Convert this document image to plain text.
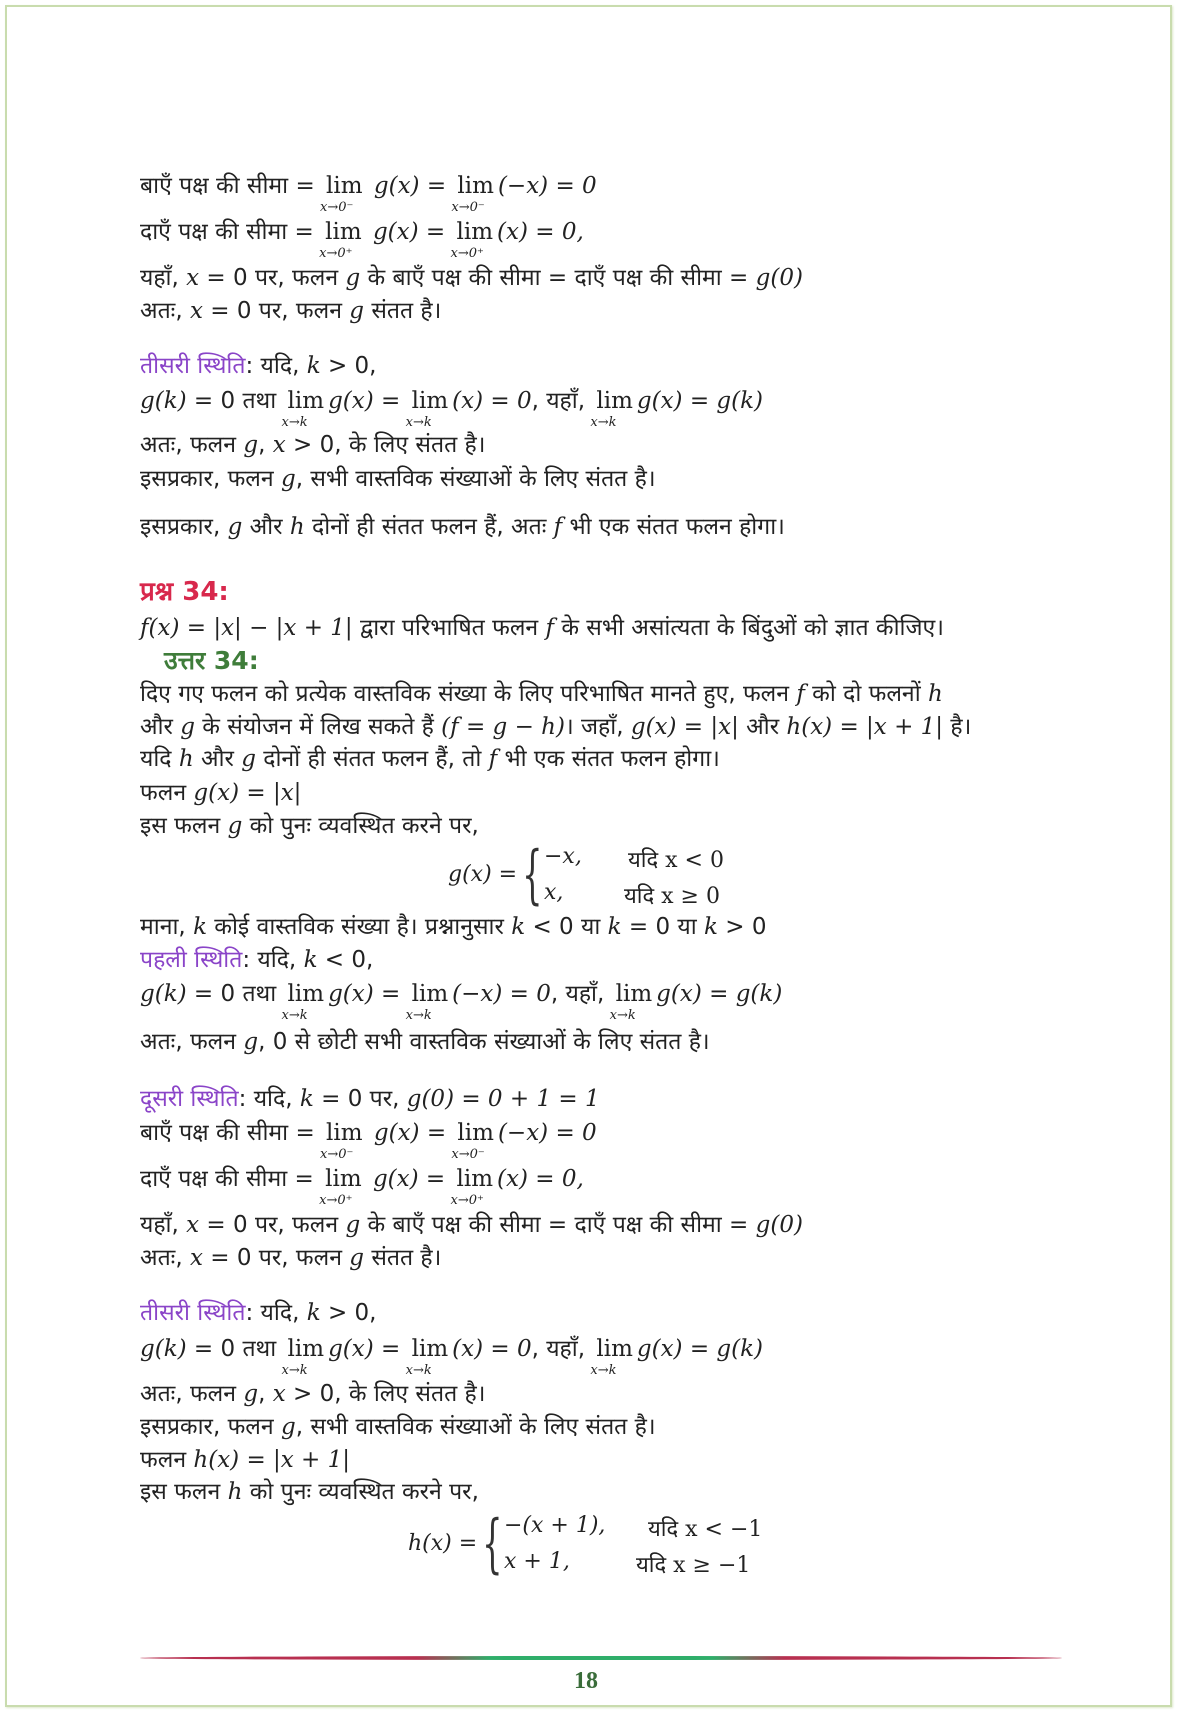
बाएँ पक्ष की सीमा = lim
x→0⁻
g(x) = lim
x→0⁻
(−x) = 0
दाएँ पक्ष की सीमा = lim
x→0⁺
g(x) = lim
x→0⁺
(x) = 0,
यहाँ, x = 0 पर, फलन g के बाएँ पक्ष की सीमा = दाएँ पक्ष की सीमा = g(0)
अतः, x = 0 पर, फलन g संतत है।
तीसरी स्थिति: यदि, k > 0,
g(k) = 0 तथा lim
x→k
g(x) = lim
x→k
(x) = 0, यहाँ, lim
x→k
g(x) = g(k)
अतः, फलन g, x > 0, के लिए संतत है।
इसप्रकार, फलन g, सभी वास्तविक संख्याओं के लिए संतत है।
इसप्रकार, g और h दोनों ही संतत फलन हैं, अतः f भी एक संतत फलन होगा।
प्रश्न 34:
f(x) = |x| − |x + 1| द्वारा परिभाषित फलन f के सभी असांत्यता के बिंदुओं को ज्ञात कीजिए।
उत्तर 34:
दिए गए फलन को प्रत्येक वास्तविक संख्या के लिए परिभाषित मानते हुए, फलन f को दो फलनों h
और g के संयोजन में लिख सकते हैं (f = g − h)। जहाँ, g(x) = |x| और h(x) = |x + 1| है।
यदि h और g दोनों ही संतत फलन हैं, तो f भी एक संतत फलन होगा।
फलन g(x) = |x|
इस फलन g को पुनः व्यवस्थित करने पर,
माना, k कोई वास्तविक संख्या है। प्रश्नानुसार k < 0 या k = 0 या k > 0
पहली स्थिति: यदि, k < 0,
g(k) = 0 तथा lim
x→k
g(x) = lim
x→k
(−x) = 0, यहाँ, lim
x→k
g(x) = g(k)
अतः, फलन g, 0 से छोटी सभी वास्तविक संख्याओं के लिए संतत है।
दूसरी स्थिति: यदि, k = 0 पर, g(0) = 0 + 1 = 1
बाएँ पक्ष की सीमा = lim
x→0⁻
g(x) = lim
x→0⁻
(−x) = 0
दाएँ पक्ष की सीमा = lim
x→0⁺
g(x) = lim
x→0⁺
(x) = 0,
यहाँ, x = 0 पर, फलन g के बाएँ पक्ष की सीमा = दाएँ पक्ष की सीमा = g(0)
अतः, x = 0 पर, फलन g संतत है।
तीसरी स्थिति: यदि, k > 0,
g(k) = 0 तथा lim
x→k
g(x) = lim
x→k
(x) = 0, यहाँ, lim
x→k
g(x) = g(k)
अतः, फलन g, x > 0, के लिए संतत है।
इसप्रकार, फलन g, सभी वास्तविक संख्याओं के लिए संतत है।
फलन h(x) = |x + 1|
इस फलन h को पुनः व्यवस्थित करने पर,
g(x) = { −x, यदि x < 0
x,	यदि x ≥ 0
h(x) = { −(x + 1), यदि x < −1
x + 1,	यदि x ≥ −1
18
